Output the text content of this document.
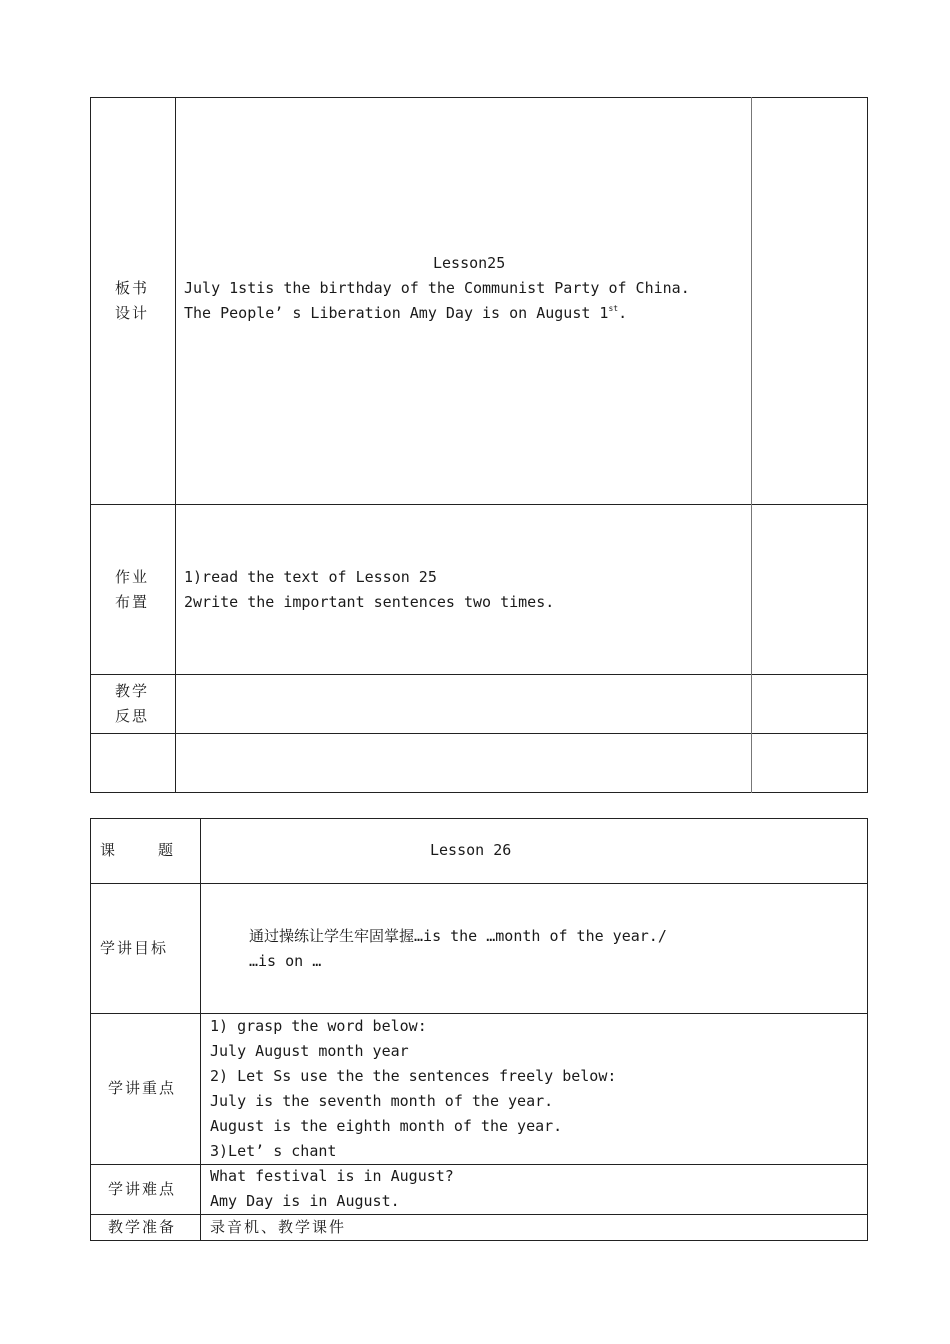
板书
设计
Lesson25
July 1stis the birthday of the Communist Party of China.
The People’ s Liberation Amy Day is on August 1st.
作业
布置
1)read the text of Lesson 25
2write the important sentences two times.
教学
反思
课	题	Lesson 26
学讲目标
通过操练让学生牢固掌握…is the …month of the year./
…is on …
学讲重点
1) grasp the word below:
July August month year
2) Let Ss use the the sentences freely below:
July is the seventh month of the year.
August is the eighth month of the year.
3)Let’ s chant
学讲难点
What festival is in August?
Amy Day is in August.
教学准备 录音机、教学课件
